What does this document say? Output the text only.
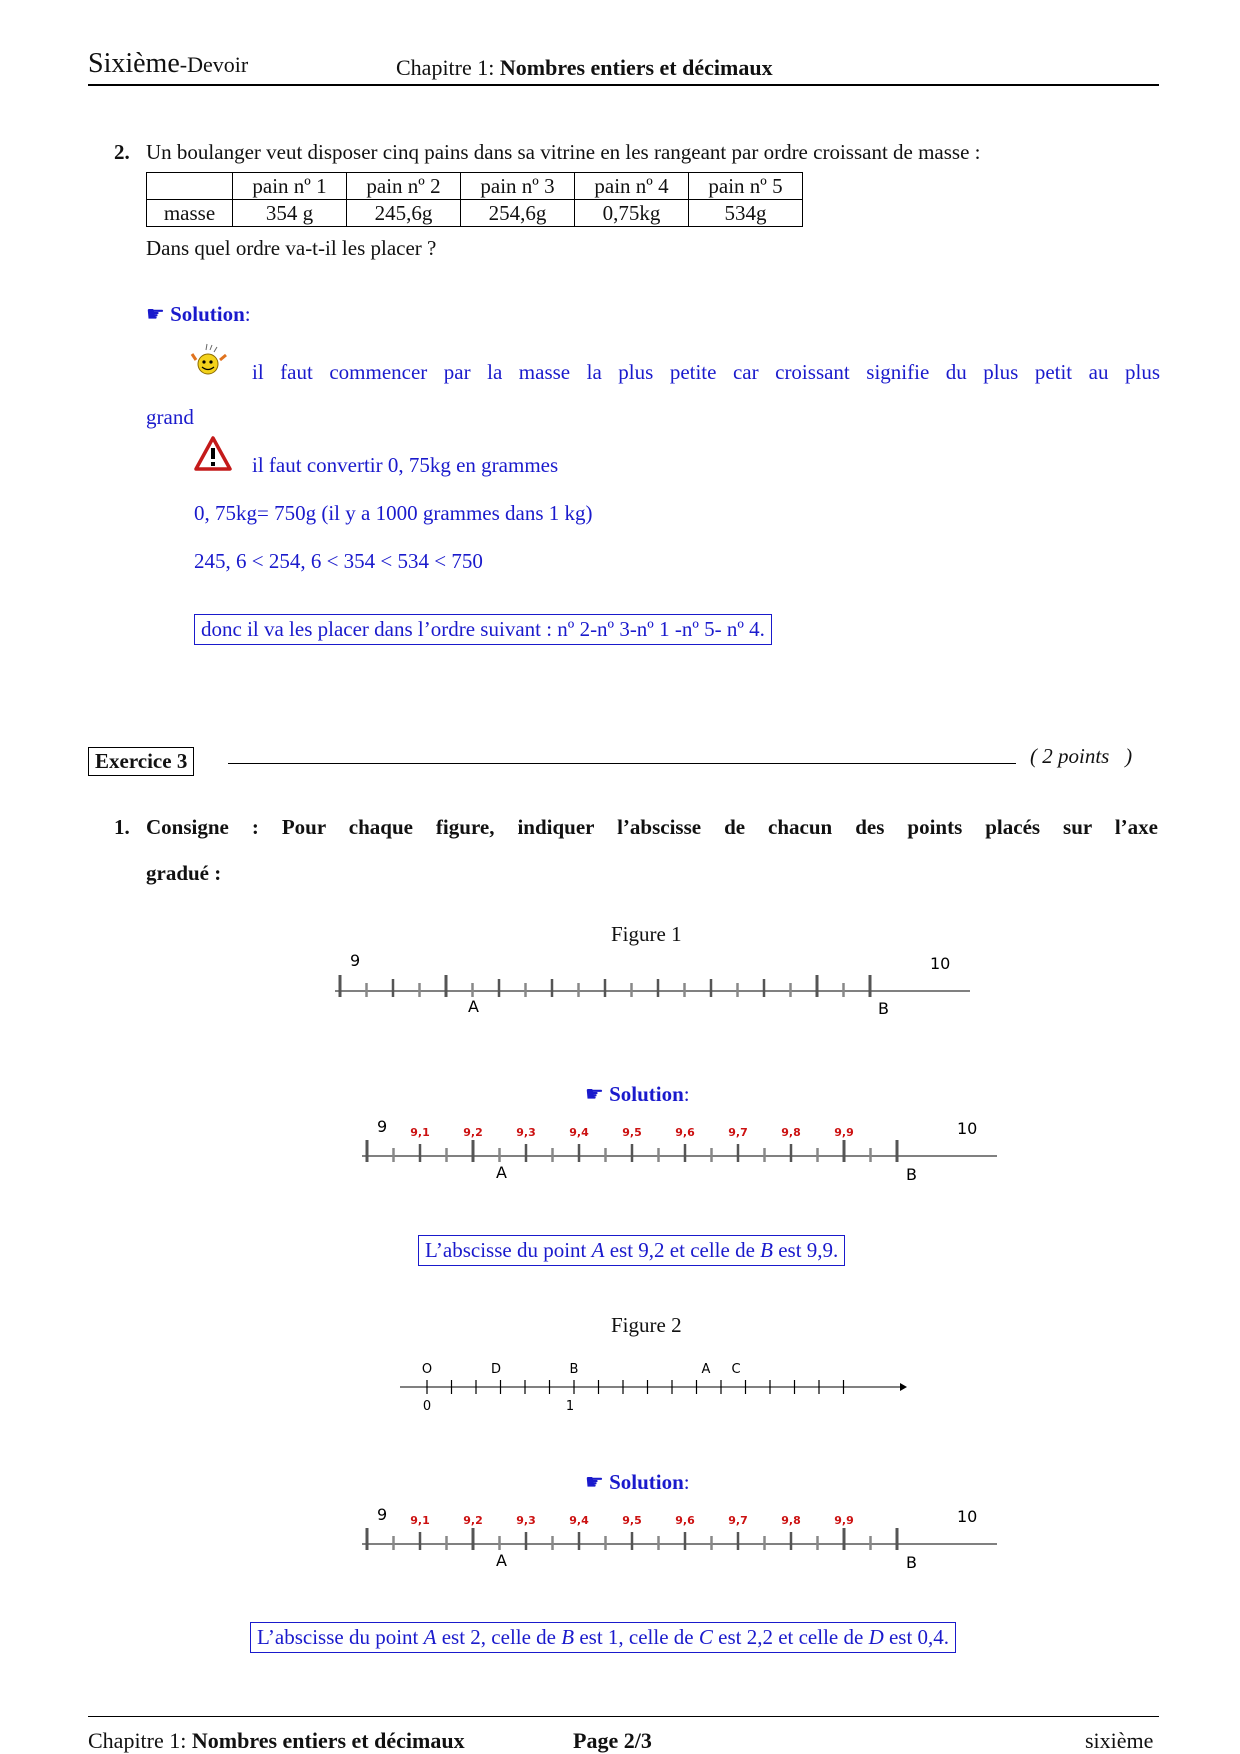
Sixième-Devoir	Chapitre 1: Nombres entiers et décimaux
2. Un boulanger veut disposer cinq pains dans sa vitrine en les rangeant par ordre croissant de masse :
	pain nº 1	pain nº 2	pain nº 3	pain nº 4	pain nº 5
masse	354 g	245,6g	254,6g	0,75kg	534g
Dans quel ordre va-t-il les placer ?
☛ Solution:
il faut commencer par la masse la plus petite car croissant signifie du plus petit au plus
grand
il faut convertir 0, 75kg en grammes
0, 75kg= 750g (il y a 1000 grammes dans 1 kg)
245, 6 < 254, 6 < 354 < 534 < 750
donc il va les placer dans l’ordre suivant : nº 2-nº 3-nº 1 -nº 5- nº 4.
Exercice 3	( 2 points   )
1. Consigne : Pour chaque figure, indiquer l’abscisse de chacun des points placés sur l’axe
gradué :
Figure 1
9	10
A	B
☛ Solution:
9,1	9,2	9,3	9,4	9,5	9,6	9,7	9,8	9,9
9	10
A	B
L’abscisse du point A est 9,2 et celle de B est 9,9.
Figure 2
O	D	B	A C
0	1
☛ Solution:
9,1	9,2	9,3	9,4	9,5	9,6	9,7	9,8	9,9
9	10
A	B
L’abscisse du point A est 2, celle de B est 1, celle de C est 2,2 et celle de D est 0,4.
Chapitre 1: Nombres entiers et décimaux	Page 2/3	sixième
